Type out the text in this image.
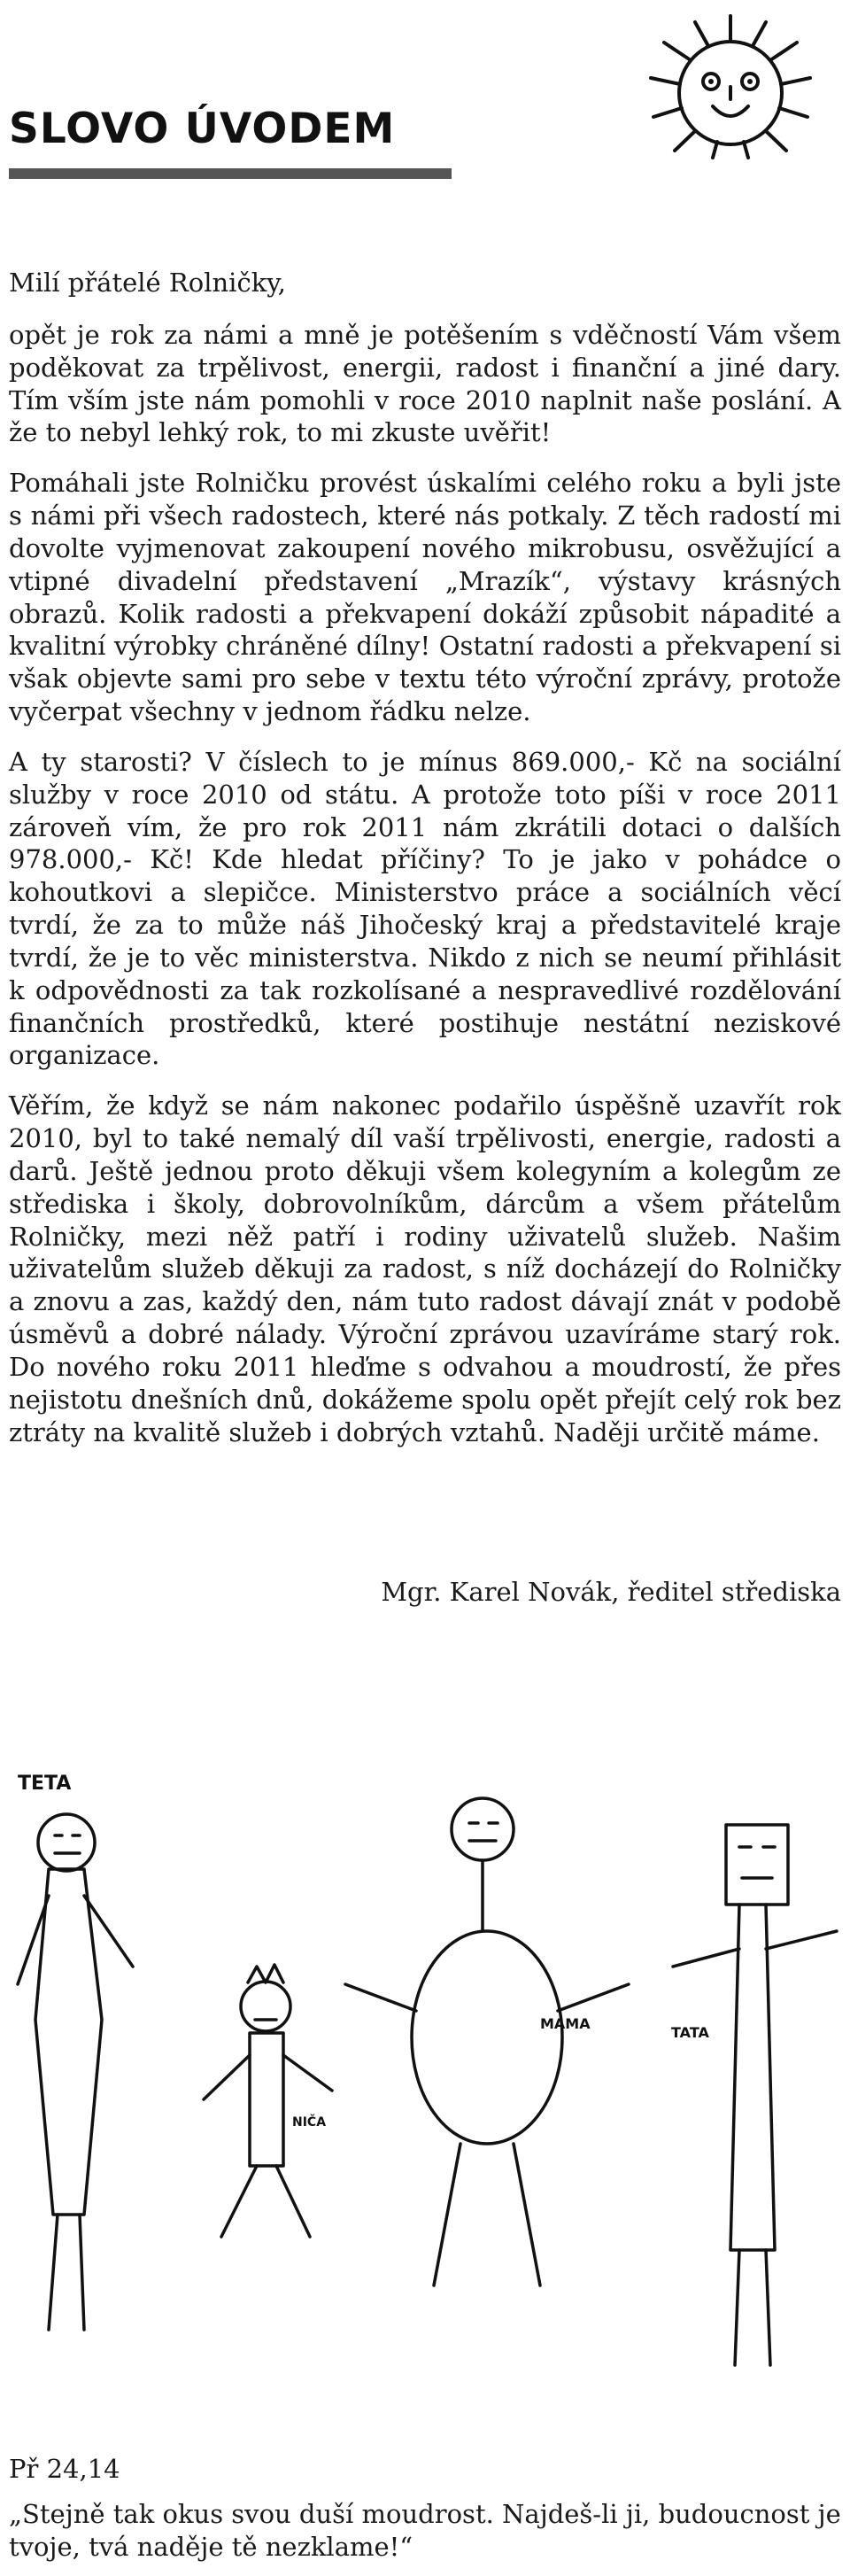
SLOVO ÚVODEM

Milí přátelé Rolničky,

opět je rok za námi a mně je potěšením s vděčností Vám všem poděkovat za trpělivost, energii, radost i finanční a jiné dary. Tím vším jste nám pomohli v roce 2010 naplnit naše poslání. A že to nebyl lehký rok, to mi zkuste uvěřit!

Pomáhali jste Rolničku provést úskalími celého roku a byli jste s námi při všech radostech, které nás potkaly. Z těch radostí mi dovolte vyjmenovat zakoupení nového mikrobusu, osvěžující a vtipné divadelní představení „Mrazík“, výstavy krásných obrazů. Kolik radosti a překvapení dokáží způsobit nápadité a kvalitní výrobky chráněné dílny! Ostatní radosti a překvapení si však objevte sami pro sebe v textu této výroční zprávy, protože vyčerpat všechny v jednom řádku nelze.

A ty starosti? V číslech to je mínus 869.000,- Kč na sociální služby v roce 2010 od státu. A protože toto píši v roce 2011 zároveň vím, že pro rok 2011 nám zkrátili dotaci o dalších 978.000,- Kč! Kde hledat příčiny? To je jako v pohádce o kohoutkovi a slepičce. Ministerstvo práce a sociálních věcí tvrdí, že za to může náš Jihočeský kraj a představitelé kraje tvrdí, že je to věc ministerstva. Nikdo z nich se neumí přihlásit k odpovědnosti za tak rozkolísané a nespravedlivé rozdělování finančních prostředků, které postihuje nestátní neziskové organizace.

Věřím, že když se nám nakonec podařilo úspěšně uzavřít rok 2010, byl to také nemalý díl vaší trpělivosti, energie, radosti a darů. Ještě jednou proto děkuji všem kolegyním a kolegům ze střediska i školy, dobrovolníkům, dárcům a všem přátelům Rolničky, mezi něž patří i rodiny uživatelů služeb. Našim uživatelům služeb děkuji za radost, s níž docházejí do Rolničky a znovu a zas, každý den, nám tuto radost dávají znát v podobě úsměvů a dobré nálady. Výroční zprávou uzavíráme starý rok. Do nového roku 2011 hleďme s odvahou a moudrostí, že přes nejistotu dnešních dnů, dokážeme spolu opět přejít celý rok bez ztráty na kvalitě služeb i dobrých vztahů. Naději určitě máme.

Mgr. Karel Novák, ředitel střediska

TETA
NIČA
MAMA
TATA

Př 24,14

„Stejně tak okus svou duší moudrost. Najdeš-li ji, budoucnost je tvoje, tvá naděje tě nezklame!“
